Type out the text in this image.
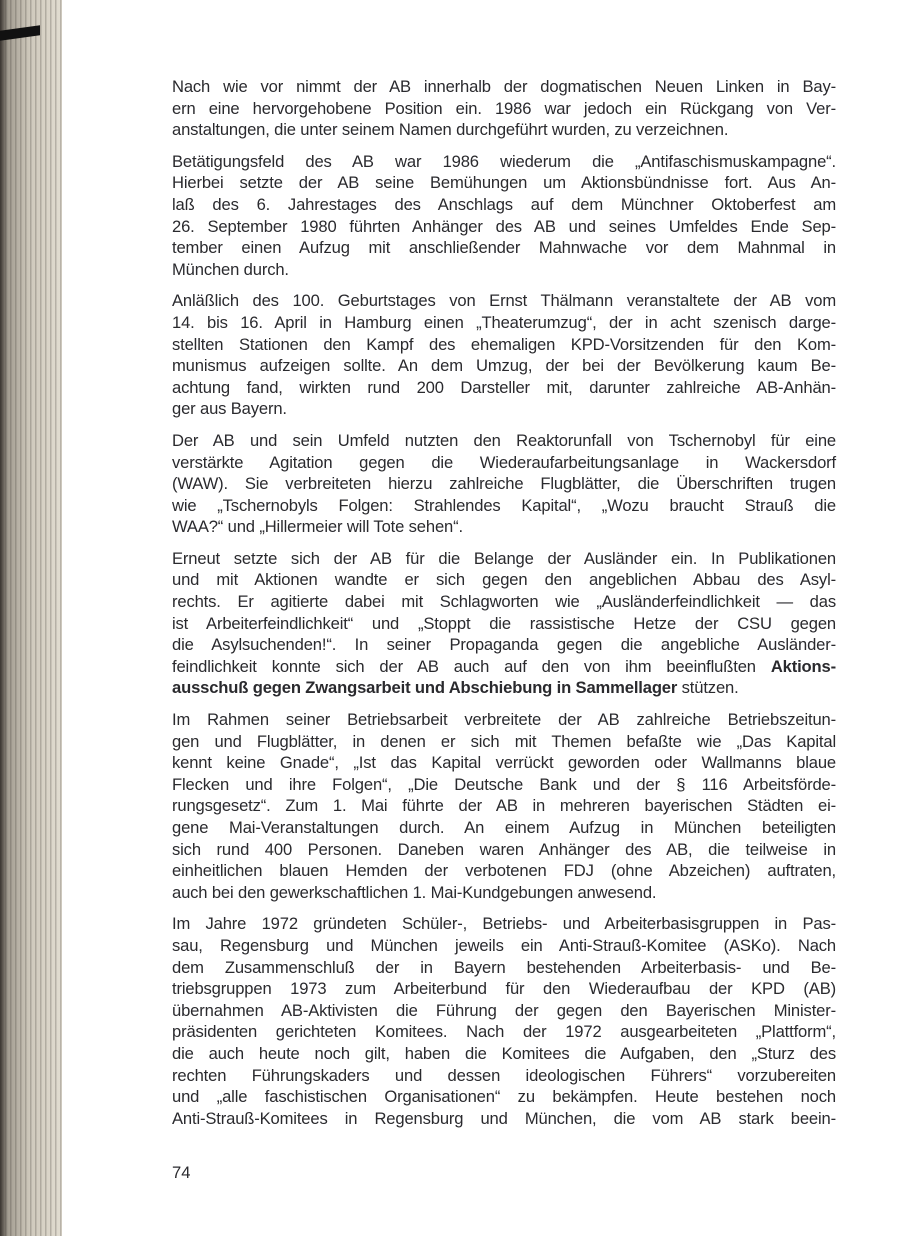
Nach wie vor nimmt der AB innerhalb der dogmatischen Neuen Linken in Bay-
ern eine hervorgehobene Position ein. 1986 war jedoch ein Rückgang von Ver-
anstaltungen, die unter seinem Namen durchgeführt wurden, zu verzeichnen.
Betätigungsfeld des AB war 1986 wiederum die „Antifaschismuskampagne“.
Hierbei setzte der AB seine Bemühungen um Aktionsbündnisse fort. Aus An-
laß des 6. Jahrestages des Anschlags auf dem Münchner Oktoberfest am
26. September 1980 führten Anhänger des AB und seines Umfeldes Ende Sep-
tember einen Aufzug mit anschließender Mahnwache vor dem Mahnmal in
München durch.
Anläßlich des 100. Geburtstages von Ernst Thälmann veranstaltete der AB vom
14. bis 16. April in Hamburg einen „Theaterumzug“, der in acht szenisch darge-
stellten Stationen den Kampf des ehemaligen KPD-Vorsitzenden für den Kom-
munismus aufzeigen sollte. An dem Umzug, der bei der Bevölkerung kaum Be-
achtung fand, wirkten rund 200 Darsteller mit, darunter zahlreiche AB-Anhän-
ger aus Bayern.
Der AB und sein Umfeld nutzten den Reaktorunfall von Tschernobyl für eine
verstärkte Agitation gegen die Wiederaufarbeitungsanlage in Wackersdorf
(WAW). Sie verbreiteten hierzu zahlreiche Flugblätter, die Überschriften trugen
wie „Tschernobyls Folgen: Strahlendes Kapital“, „Wozu braucht Strauß die
WAA?“ und „Hillermeier will Tote sehen“.
Erneut setzte sich der AB für die Belange der Ausländer ein. In Publikationen
und mit Aktionen wandte er sich gegen den angeblichen Abbau des Asyl-
rechts. Er agitierte dabei mit Schlagworten wie „Ausländerfeindlichkeit — das
ist Arbeiterfeindlichkeit“ und „Stoppt die rassistische Hetze der CSU gegen
die Asylsuchenden!“. In seiner Propaganda gegen die angebliche Ausländer-
feindlichkeit konnte sich der AB auch auf den von ihm beeinflußten Aktions-
ausschuß gegen Zwangsarbeit und Abschiebung in Sammellager stützen.
Im Rahmen seiner Betriebsarbeit verbreitete der AB zahlreiche Betriebszeitun-
gen und Flugblätter, in denen er sich mit Themen befaßte wie „Das Kapital
kennt keine Gnade“, „Ist das Kapital verrückt geworden oder Wallmanns blaue
Flecken und ihre Folgen“, „Die Deutsche Bank und der § 116 Arbeitsförde-
rungsgesetz“. Zum 1. Mai führte der AB in mehreren bayerischen Städten ei-
gene Mai-Veranstaltungen durch. An einem Aufzug in München beteiligten
sich rund 400 Personen. Daneben waren Anhänger des AB, die teilweise in
einheitlichen blauen Hemden der verbotenen FDJ (ohne Abzeichen) auftraten,
auch bei den gewerkschaftlichen 1. Mai-Kundgebungen anwesend.
Im Jahre 1972 gründeten Schüler-, Betriebs- und Arbeiterbasisgruppen in Pas-
sau, Regensburg und München jeweils ein Anti-Strauß-Komitee (ASKo). Nach
dem Zusammenschluß der in Bayern bestehenden Arbeiterbasis- und Be-
triebsgruppen 1973 zum Arbeiterbund für den Wiederaufbau der KPD (AB)
übernahmen AB-Aktivisten die Führung der gegen den Bayerischen Minister-
präsidenten gerichteten Komitees. Nach der 1972 ausgearbeiteten „Plattform“,
die auch heute noch gilt, haben die Komitees die Aufgaben, den „Sturz des
rechten Führungskaders und dessen ideologischen Führers“ vorzubereiten
und „alle faschistischen Organisationen“ zu bekämpfen. Heute bestehen noch
Anti-Strauß-Komitees in Regensburg und München, die vom AB stark beein-
74
